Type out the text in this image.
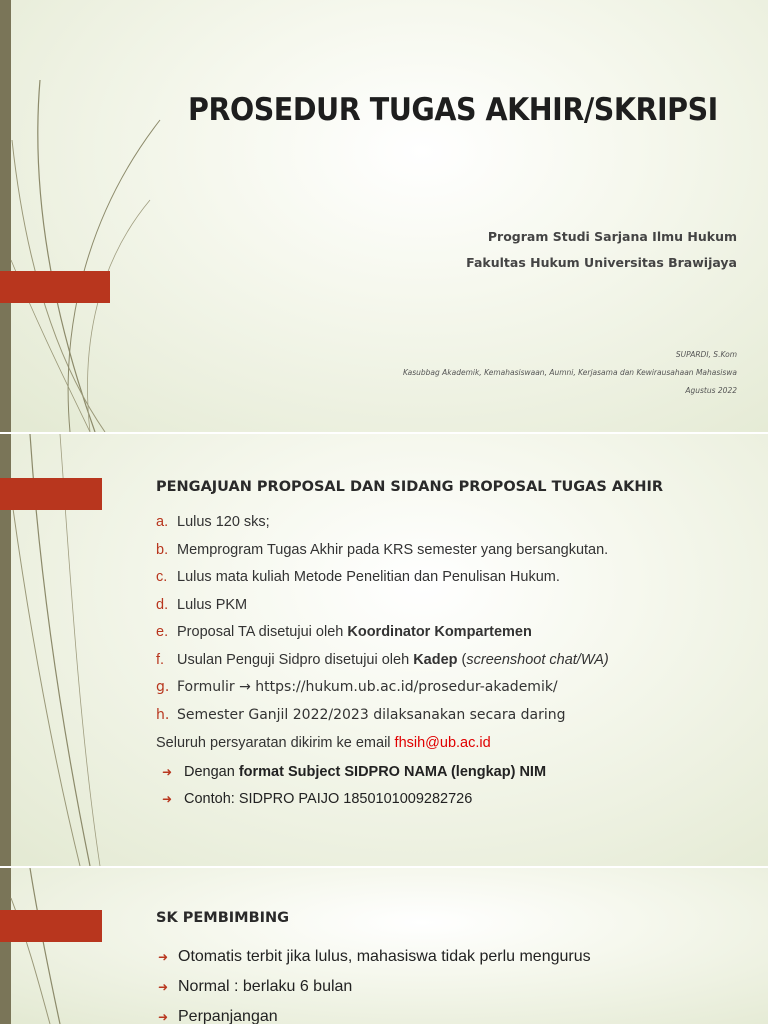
PROSEDUR TUGAS AKHIR/SKRIPSI
Program Studi Sarjana Ilmu Hukum
Fakultas Hukum Universitas Brawijaya
SUPARDI, S.Kom
Kasubbag Akademik, Kemahasiswaan, Aumni, Kerjasama dan Kewirausahaan Mahasiswa
Agustus 2022
PENGAJUAN PROPOSAL DAN SIDANG PROPOSAL TUGAS AKHIR
a. Lulus 120 sks;
b. Memprogram Tugas Akhir pada KRS semester yang bersangkutan.
c. Lulus mata kuliah Metode Penelitian dan Penulisan Hukum.
d. Lulus PKM
e. Proposal TA disetujui oleh Koordinator Kompartemen
f. Usulan Penguji Sidpro disetujui oleh Kadep (screenshoot chat/WA)
g. Formulir → https://hukum.ub.ac.id/prosedur-akademik/
h. Semester Ganjil 2022/2023 dilaksanakan secara daring
Seluruh persyaratan dikirim ke email fhsih@ub.ac.id
➜ Dengan format Subject SIDPRO NAMA (lengkap) NIM
➜ Contoh: SIDPRO PAIJO 1850101009282726
SK PEMBIMBING
➜ Otomatis terbit jika lulus, mahasiswa tidak perlu mengurus
➜ Normal : berlaku 6 bulan
➜ Perpanjangan
